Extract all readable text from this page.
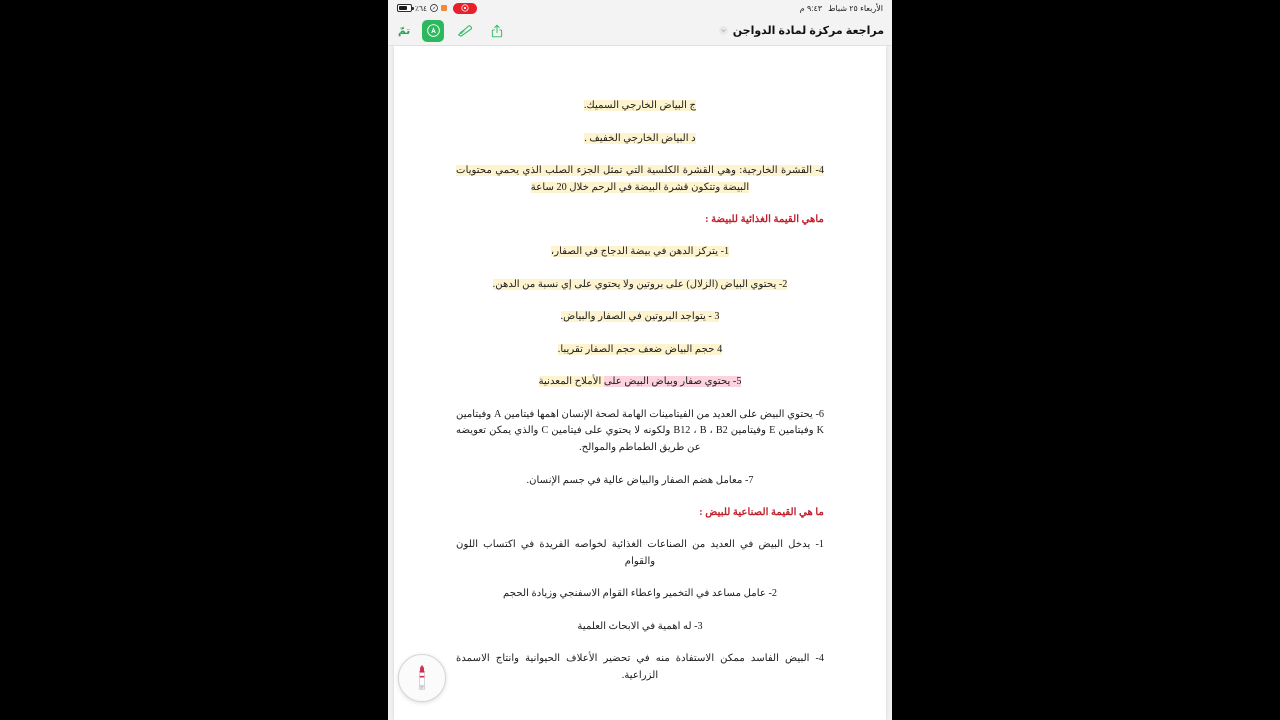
٪٦٤	الأربعاء ٢٥ شباط
٩:٤٣ م
تمّ	مراجعة مركزة لمادة الدواجن

ج البياض الخارجي السميك.

د البياض الخارجي الخفيف .

4- القشرة الخارجية: وهي القشرة الكلسية التي تمثل الجزء الصلب الذي يحمي محتويات البيضة وتتكون قشرة البيضة في الرحم خلال 20 ساعة

ماهي القيمة الغذائية للبيضة :

1- يتركز الدهن في بيضة الدجاج في الصفار،

2- يحتوي البياض (الزلال) على بروتين ولا يحتوي على إي نسبة من الدهن.

3 - يتواجد البروتين في الصفار والبياض.

4 حجم البياض ضعف حجم الصفار تقريبا.

5- يحتوي صفار وبياض البيض على الأملاح المعدنية

6- يحتوي البيض على العديد من الفيتامينات الهامة لصحة الإنسان اهمها فيتامين A وفيتامين K وفيتامين E وفيتامين B12 ، B ، B2 ولكونه لا يحتوي على فيتامين C والذي يمكن تعويضه عن طريق الطماطم والموالح.

7- معامل هضم الصفار والبياض عالية في جسم الإنسان.

ما هي القيمة الصناعية للبيض :

1- يدخل البيض في العديد من الصناعات الغذائية لخواصه الفريدة في اكتساب اللون والقوام

2- عامل مساعد في التخمير واعطاء القوام الاسفنجي وزيادة الحجم

3- له اهمية في الابحاث العلمية

4- البيض الفاسد ممكن الاستفادة منه في تحضير الأعلاف الحيوانية وانتاج الاسمدة الزراعية.
